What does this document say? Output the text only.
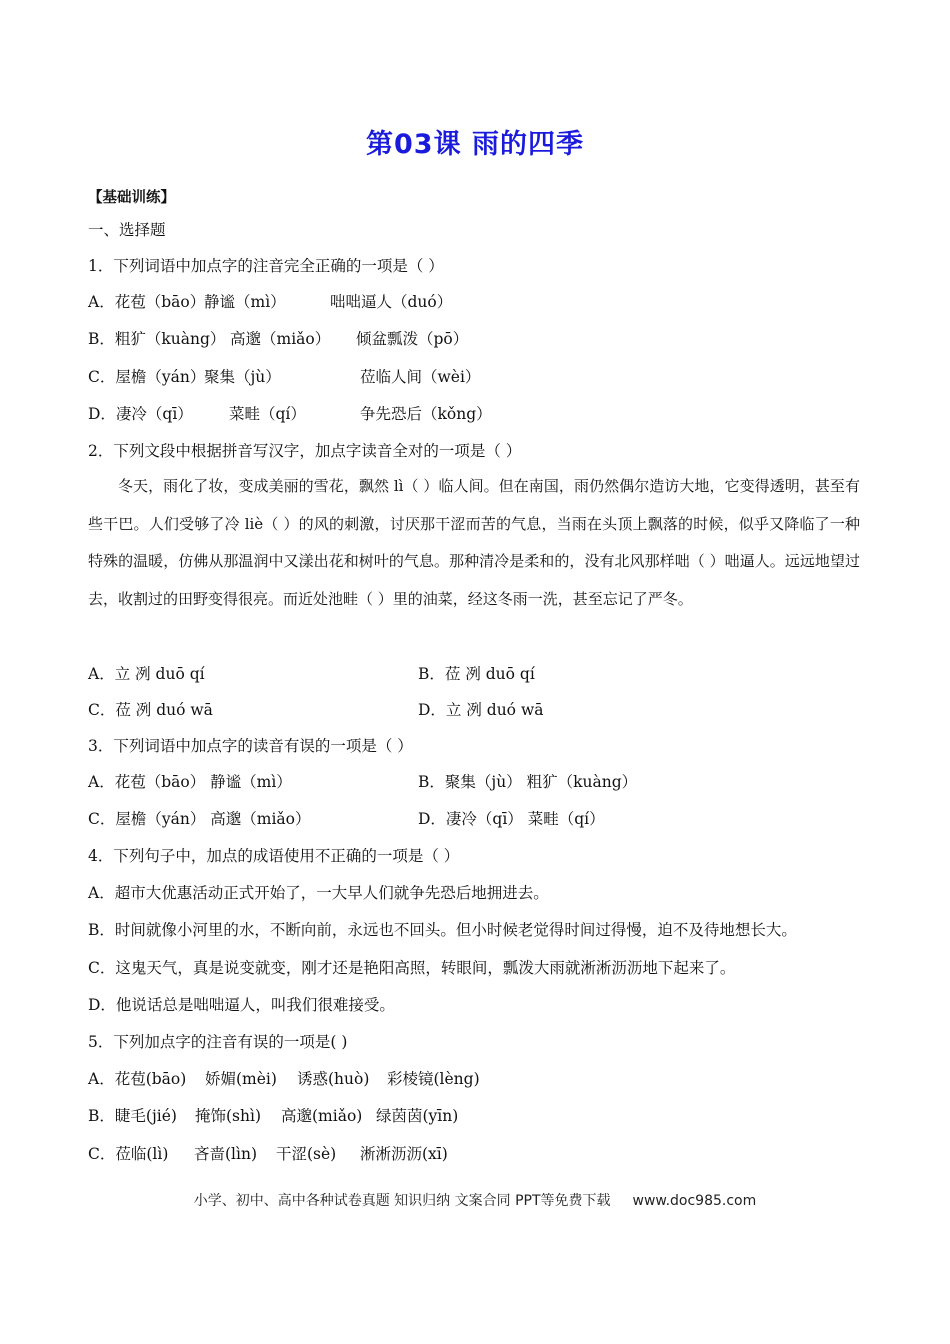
第03课 雨的四季
【基础训练】
一、选择题
1．下列词语中加点字的注音完全正确的一项是（ ）
A．花苞（bāo）静谧（mì）	咄咄逼人（duó）
B．粗犷（kuàng） 高邈（miǎo） 倾盆瓢泼（pō）
C．屋檐（yán）聚集（jù）	莅临人间（wèi）
D．凄冷（qī） 菜畦（qí）	争先恐后（kǒng）
2．下列文段中根据拼音写汉字，加点字读音全对的一项是（ ）
冬天，雨化了妆，变成美丽的雪花，飘然 lì（ ）临人间。但在南国，雨仍然偶尔造访大地，它变得透明，甚至有些干巴。人们受够了冷 liè（ ）的风的刺激，讨厌那干涩而苦的气息，当雨在头顶上飘落的时候，似乎又降临了一种特殊的温暖，仿佛从那温润中又漾出花和树叶的气息。那种清冷是柔和的，没有北风那样咄（ ）咄逼人。远远地望过去，收割过的田野变得很亮。而近处池畦（ ）里的油菜，经这冬雨一洗，甚至忘记了严冬。
A．立 冽 duō qí	B．莅 冽 duō qí
C．莅 冽 duó wā	D．立 冽 duó wā
3．下列词语中加点字的读音有误的一项是（ ）
A．花苞（bāo） 静谧（mì）	B．聚集（jù） 粗犷（kuàng）
C．屋檐（yán） 高邈（miǎo）	D．凄冷（qī） 菜畦（qí）
4．下列句子中，加点的成语使用不正确的一项是（ ）
A．超市大优惠活动正式开始了，一大早人们就争先恐后地拥进去。
B．时间就像小河里的水，不断向前，永远也不回头。但小时候老觉得时间过得慢，迫不及待地想长大。
C．这鬼天气，真是说变就变，刚才还是艳阳高照，转眼间，瓢泼大雨就淅淅沥沥地下起来了。
D．他说话总是咄咄逼人，叫我们很难接受。
5．下列加点字的注音有误的一项是( )
A．花苞(bāo) 娇媚(mèi) 诱惑(huò) 彩棱镜(lèng)
B．睫毛(jié) 掩饰(shì) 高邈(miǎo) 绿茵茵(yīn)
C．莅临(lì) 吝啬(lìn) 干涩(sè) 淅淅沥沥(xī)
小学、初中、高中各种试卷真题 知识归纳 文案合同 PPT等免费下载 www.doc985.com
